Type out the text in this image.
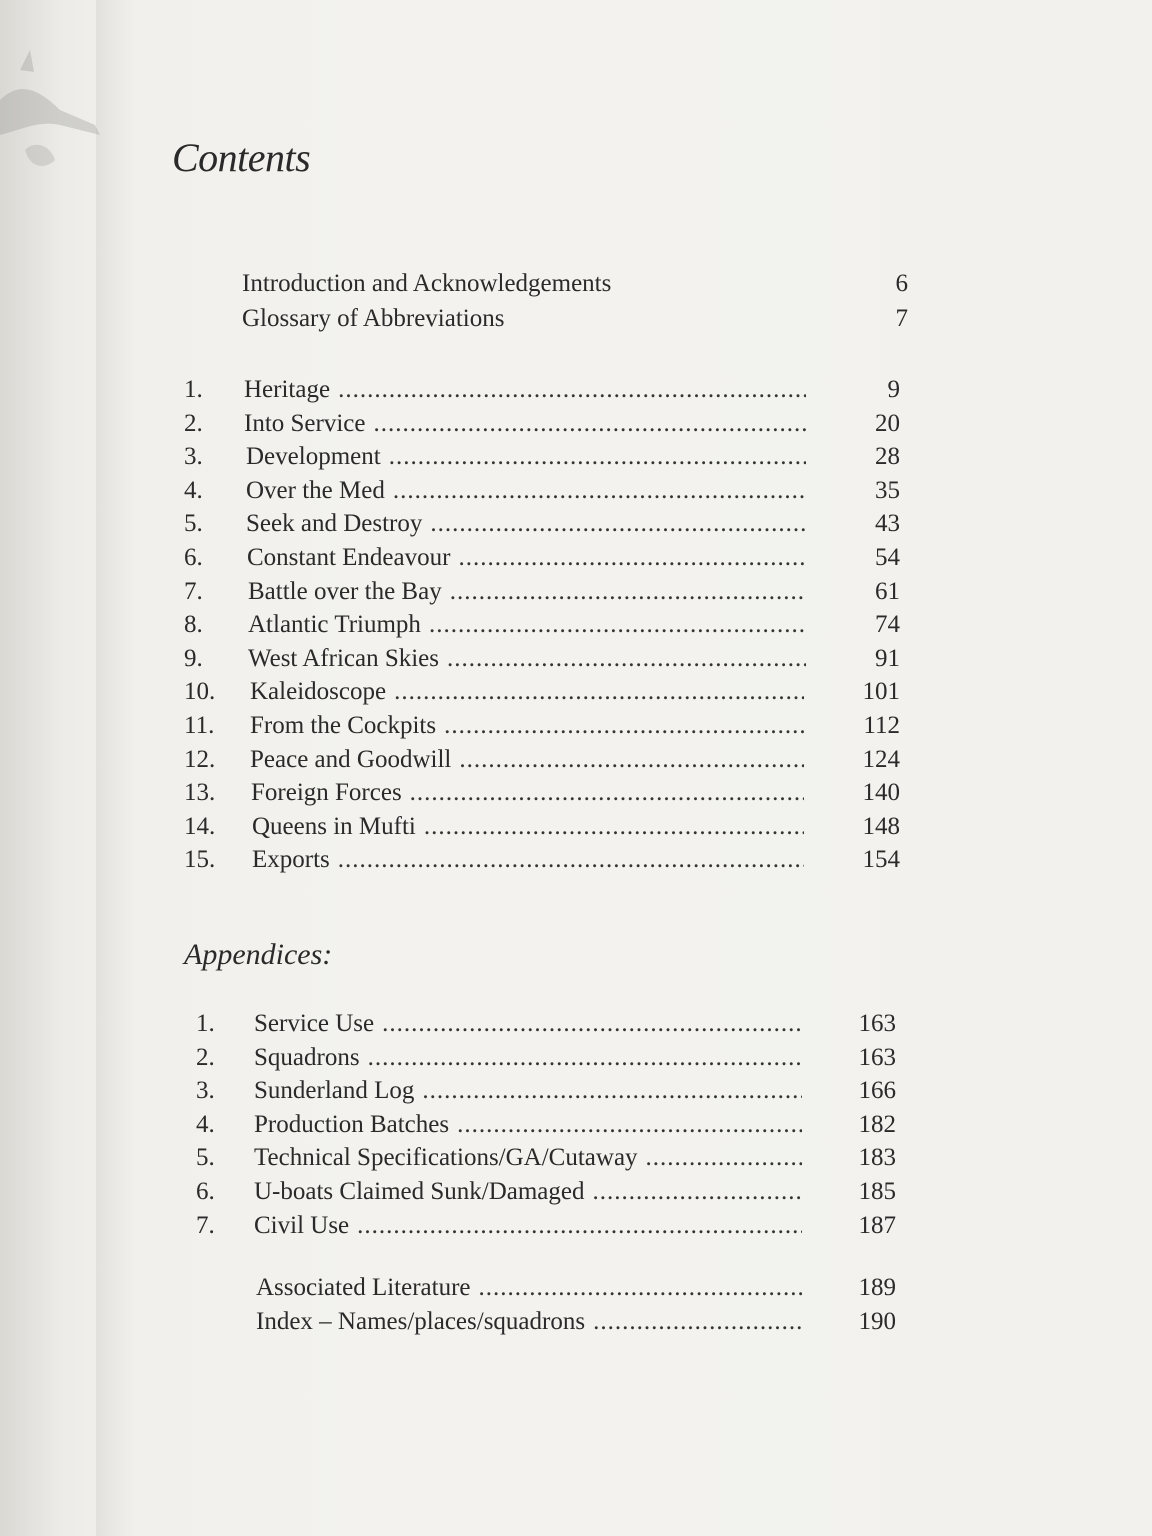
Contents
Introduction and Acknowledgements	6
Glossary of Abbreviations	7
1. Heritage .....	9
2. Into Service .....	20
3. Development .....	28
4. Over the Med .....	35
5. Seek and Destroy .....	43
6. Constant Endeavour .....	54
7. Battle over the Bay .....	61
8. Atlantic Triumph .....	74
9. West African Skies .....	91
10. Kaleidoscope .....	101
11. From the Cockpits .....	112
12. Peace and Goodwill .....	124
13. Foreign Forces .....	140
14. Queens in Mufti .....	148
15. Exports .....	154
Appendices:
1. Service Use .....	163
2. Squadrons .....	163
3. Sunderland Log .....	166
4. Production Batches .....	182
5. Technical Specifications/GA/Cutaway .....	183
6. U-boats Claimed Sunk/Damaged .....	185
7. Civil Use .....	187
Associated Literature .....	189
Index – Names/places/squadrons .....	190
